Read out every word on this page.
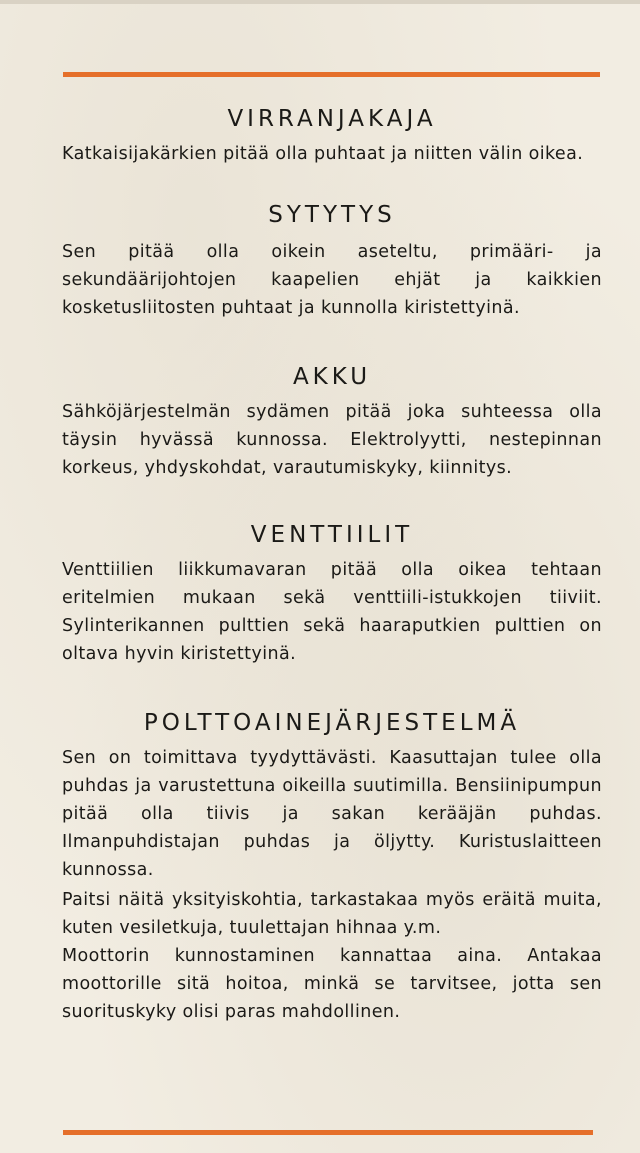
VIRRANJAKAJA

Katkaisijakärkien pitää olla puhtaat ja niitten välin oikea.

SYTYTYS

Sen pitää olla oikein aseteltu, primääri- ja sekundäärijohtojen kaapelien ehjät ja kaikkien kosketusliitosten puhtaat ja kunnolla kiristettyinä.

AKKU

Sähköjärjestelmän sydämen pitää joka suhteessa olla täysin hyvässä kunnossa. Elektrolyytti, nestepinnan korkeus, yhdyskohdat, varautumiskyky, kiinnitys.

VENTTIILIT

Venttiilien liikkumavaran pitää olla oikea tehtaan eritelmien mukaan sekä venttiili-istukkojen tiiviit. Sylinterikannen pulttien sekä haaraputkien pulttien on oltava hyvin kiristettyinä.

POLTTOAINEJÄRJESTELMÄ

Sen on toimittava tyydyttävästi. Kaasuttajan tulee olla puhdas ja varustettuna oikeilla suutimilla. Bensiinipumpun pitää olla tiivis ja sakan kerääjän puhdas. Ilmanpuhdistajan puhdas ja öljytty. Kuristuslaitteen kunnossa.

Paitsi näitä yksityiskohtia, tarkastakaa myös eräitä muita, kuten vesiletkuja, tuulettajan hihnaa y.m.

Moottorin kunnostaminen kannattaa aina. Antakaa moottorille sitä hoitoa, minkä se tarvitsee, jotta sen suorituskyky olisi paras mahdollinen.
